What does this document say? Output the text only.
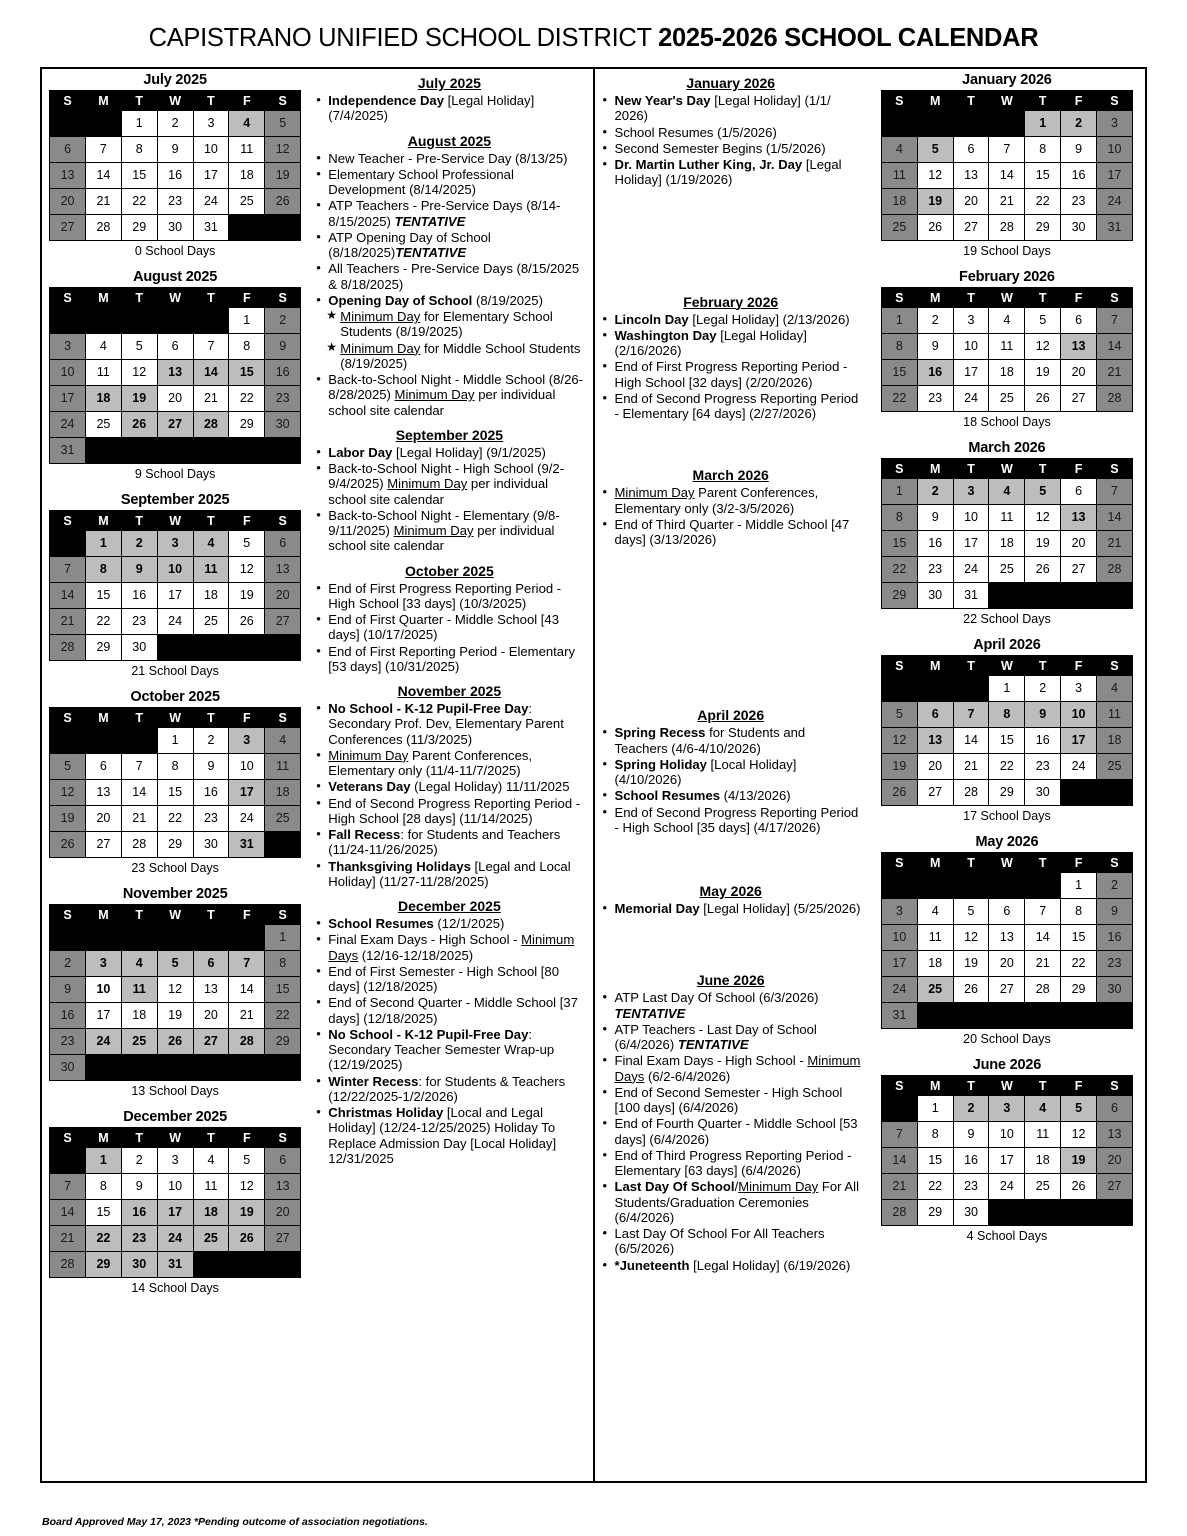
CAPISTRANO UNIFIED SCHOOL DISTRICT 2025-2026 SCHOOL CALENDAR
July 2025
S	M	T	W	T	F	S
		1	2	3	4	5
6	7	8	9	10	11	12
13	14	15	16	17	18	19
20	21	22	23	24	25	26
27	28	29	30	31		
0 School Days
August 2025
S	M	T	W	T	F	S
					1	2
3	4	5	6	7	8	9
10	11	12	13	14	15	16
17	18	19	20	21	22	23
24	25	26	27	28	29	30
31						
9 School Days
September 2025
S	M	T	W	T	F	S
	1	2	3	4	5	6
7	8	9	10	11	12	13
14	15	16	17	18	19	20
21	22	23	24	25	26	27
28	29	30				
21 School Days
October 2025
S	M	T	W	T	F	S
			1	2	3	4
5	6	7	8	9	10	11
12	13	14	15	16	17	18
19	20	21	22	23	24	25
26	27	28	29	30	31	
23 School Days
November 2025
S	M	T	W	T	F	S
						1
2	3	4	5	6	7	8
9	10	11	12	13	14	15
16	17	18	19	20	21	22
23	24	25	26	27	28	29
30						
13 School Days
December 2025
S	M	T	W	T	F	S
	1	2	3	4	5	6
7	8	9	10	11	12	13
14	15	16	17	18	19	20
21	22	23	24	25	26	27
28	29	30	31			
14 School Days
July 2025
• Independence Day [Legal Holiday] (7/4/2025)
August 2025
• New Teacher - Pre-Service Day (8/13/25)
• Elementary School Professional Development (8/14/2025)
• ATP Teachers - Pre-Service Days (8/14-8/15/2025) TENTATIVE
• ATP Opening Day of School (8/18/2025)TENTATIVE
• All Teachers - Pre-Service Days (8/15/2025 & 8/18/2025)
• Opening Day of School (8/19/2025)
★ Minimum Day for Elementary School Students (8/19/2025)
★ Minimum Day for Middle School Students (8/19/2025)
• Back-to-School Night - Middle School (8/26-8/28/2025) Minimum Day per individual school site calendar
September 2025
• Labor Day [Legal Holiday] (9/1/2025)
• Back-to-School Night - High School (9/2-9/4/2025) Minimum Day per individual school site calendar
• Back-to-School Night - Elementary (9/8-9/11/2025) Minimum Day per individual school site calendar
October 2025
• End of First Progress Reporting Period - High School [33 days] (10/3/2025)
• End of First Quarter - Middle School [43 days] (10/17/2025)
• End of First Reporting Period - Elementary [53 days] (10/31/2025)
November 2025
• No School - K-12 Pupil-Free Day: Secondary Prof. Dev, Elementary Parent Conferences (11/3/2025)
• Minimum Day Parent Conferences, Elementary only (11/4-11/7/2025)
• Veterans Day (Legal Holiday) 11/11/2025
• End of Second Progress Reporting Period - High School [28 days] (11/14/2025)
• Fall Recess: for Students and Teachers (11/24-11/26/2025)
• Thanksgiving Holidays [Legal and Local Holiday] (11/27-11/28/2025)
December 2025
• School Resumes (12/1/2025)
• Final Exam Days - High School - Minimum Days (12/16-12/18/2025)
• End of First Semester - High School [80 days] (12/18/2025)
• End of Second Quarter - Middle School [37 days] (12/18/2025)
• No School - K-12 Pupil-Free Day: Secondary Teacher Semester Wrap-up (12/19/2025)
• Winter Recess: for Students & Teachers (12/22/2025-1/2/2026)
• Christmas Holiday [Local and Legal Holiday] (12/24-12/25/2025) Holiday To Replace Admission Day [Local Holiday] 12/31/2025
January 2026
• New Year's Day [Legal Holiday] (1/1/ 2026)
• School Resumes (1/5/2026)
• Second Semester Begins (1/5/2026)
• Dr. Martin Luther King, Jr. Day [Legal Holiday] (1/19/2026)
February 2026
• Lincoln Day [Legal Holiday] (2/13/2026)
• Washington Day [Legal Holiday] (2/16/2026)
• End of First Progress Reporting Period - High School [32 days] (2/20/2026)
• End of Second Progress Reporting Period - Elementary [64 days] (2/27/2026)
March 2026
• Minimum Day Parent Conferences, Elementary only (3/2-3/5/2026)
• End of Third Quarter - Middle School [47 days] (3/13/2026)
April 2026
• Spring Recess for Students and Teachers (4/6-4/10/2026)
• Spring Holiday [Local Holiday] (4/10/2026)
• School Resumes (4/13/2026)
• End of Second Progress Reporting Period - High School [35 days] (4/17/2026)
May 2026
• Memorial Day [Legal Holiday] (5/25/2026)
June 2026
• ATP Last Day Of School (6/3/2026) TENTATIVE
• ATP Teachers - Last Day of School (6/4/2026) TENTATIVE
• Final Exam Days - High School - Minimum Days (6/2-6/4/2026)
• End of Second Semester - High School [100 days] (6/4/2026)
• End of Fourth Quarter - Middle School [53 days] (6/4/2026)
• End of Third Progress Reporting Period - Elementary [63 days] (6/4/2026)
• Last Day Of School/Minimum Day For All Students/Graduation Ceremonies (6/4/2026)
• Last Day Of School For All Teachers (6/5/2026)
• *Juneteenth [Legal Holiday] (6/19/2026)
January 2026
S	M	T	W	T	F	S
				1	2	3
4	5	6	7	8	9	10
11	12	13	14	15	16	17
18	19	20	21	22	23	24
25	26	27	28	29	30	31
19 School Days
February 2026
S	M	T	W	T	F	S
1	2	3	4	5	6	7
8	9	10	11	12	13	14
15	16	17	18	19	20	21
22	23	24	25	26	27	28
18 School Days
March 2026
S	M	T	W	T	F	S
1	2	3	4	5	6	7
8	9	10	11	12	13	14
15	16	17	18	19	20	21
22	23	24	25	26	27	28
29	30	31				
22 School Days
April 2026
S	M	T	W	T	F	S
			1	2	3	4
5	6	7	8	9	10	11
12	13	14	15	16	17	18
19	20	21	22	23	24	25
26	27	28	29	30		
17 School Days
May 2026
S	M	T	W	T	F	S
					1	2
3	4	5	6	7	8	9
10	11	12	13	14	15	16
17	18	19	20	21	22	23
24	25	26	27	28	29	30
31						
20 School Days
June 2026
S	M	T	W	T	F	S
	1	2	3	4	5	6
7	8	9	10	11	12	13
14	15	16	17	18	19	20
21	22	23	24	25	26	27
28	29	30				
4 School Days
Board Approved May 17, 2023 *Pending outcome of association negotiations.
